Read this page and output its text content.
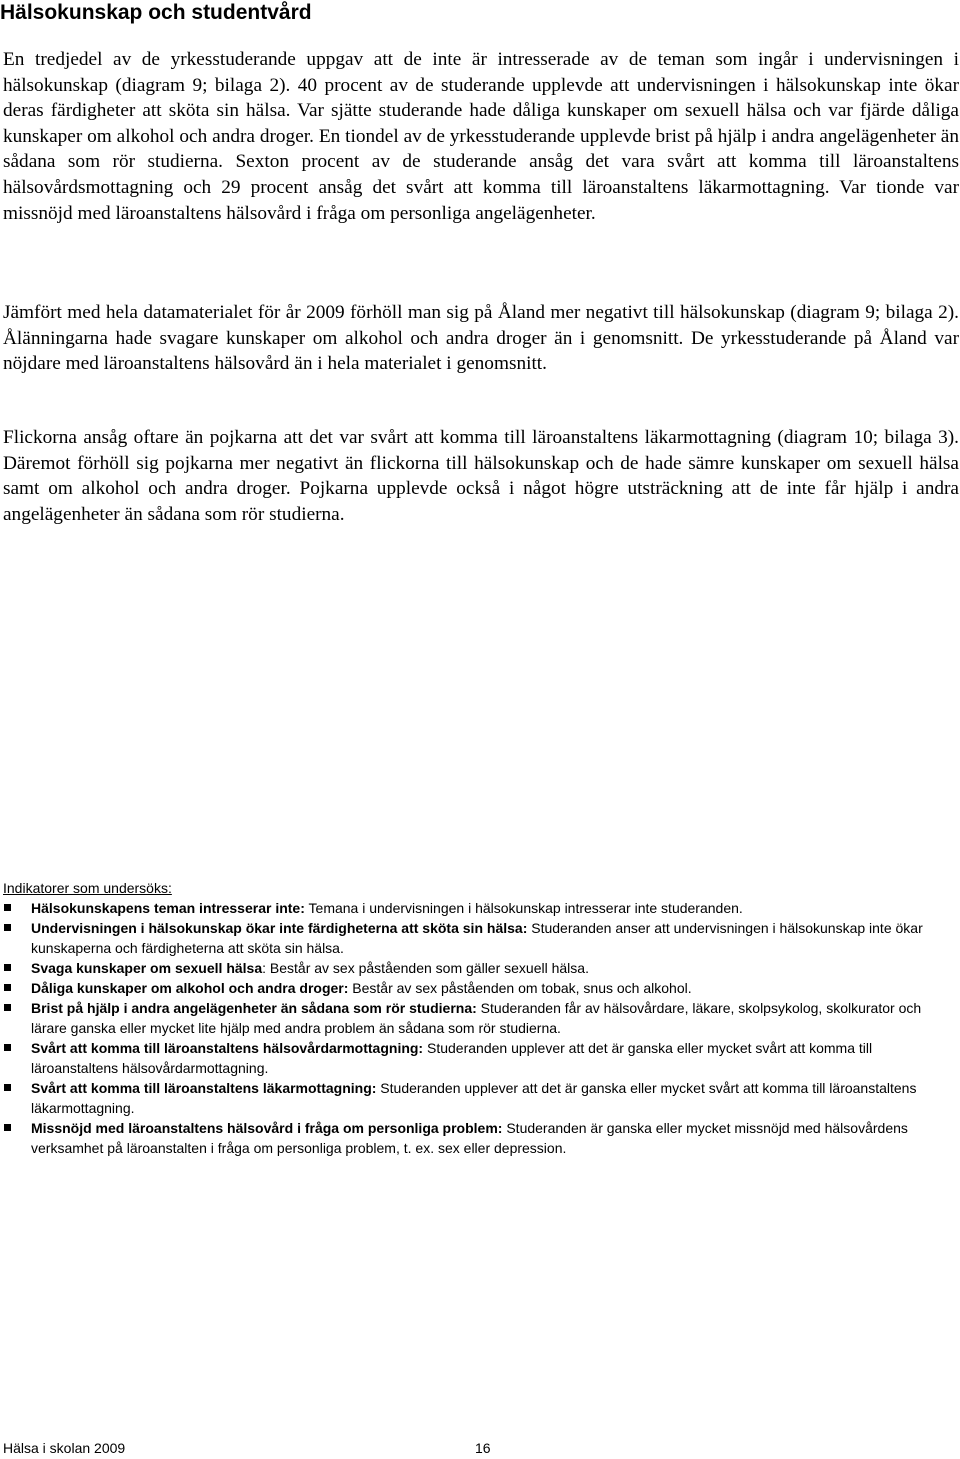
Hälsokunskap och studentvård

En tredjedel av de yrkesstuderande uppgav att de inte är intresserade av de teman som ingår i undervisningen i hälsokunskap (diagram 9; bilaga 2). 40 procent av de studerande upplevde att undervisningen i hälsokunskap inte ökar deras färdigheter att sköta sin hälsa. Var sjätte studerande hade dåliga kunskaper om sexuell hälsa och var fjärde dåliga kunskaper om alkohol och andra droger. En tiondel av de yrkesstuderande upplevde brist på hjälp i andra angelägenheter än sådana som rör studierna. Sexton procent av de studerande ansåg det vara svårt att komma till läroanstaltens hälsovårdsmottagning och 29 procent ansåg det svårt att komma till läroanstaltens läkarmottagning. Var tionde var missnöjd med läroanstaltens hälsovård i fråga om personliga angelägenheter.

Jämfört med hela datamaterialet för år 2009 förhöll man sig på Åland mer negativt till hälsokunskap (diagram 9; bilaga 2). Ålänningarna hade svagare kunskaper om alkohol och andra droger än i genomsnitt. De yrkesstuderande på Åland var nöjdare med läroanstaltens hälsovård än i hela materialet i genomsnitt.

Flickorna ansåg oftare än pojkarna att det var svårt att komma till läroanstaltens läkarmottagning (diagram 10; bilaga 3). Däremot förhöll sig pojkarna mer negativt än flickorna till hälsokunskap och de hade sämre kunskaper om sexuell hälsa samt om alkohol och andra droger. Pojkarna upplevde också i något högre utsträckning att de inte får hjälp i andra angelägenheter än sådana som rör studierna.

Indikatorer som undersöks:

Hälsokunskapens teman intresserar inte: Temana i undervisningen i hälsokunskap intresserar inte studeranden.
Undervisningen i hälsokunskap ökar inte färdigheterna att sköta sin hälsa: Studeranden anser att undervisningen i hälsokunskap inte ökar kunskaperna och färdigheterna att sköta sin hälsa.
Svaga kunskaper om sexuell hälsa: Består av sex påståenden som gäller sexuell hälsa.
Dåliga kunskaper om alkohol och andra droger: Består av sex påståenden om tobak, snus och alkohol.
Brist på hjälp i andra angelägenheter än sådana som rör studierna: Studeranden får av hälsovårdare, läkare, skolpsykolog, skolkurator och lärare ganska eller mycket lite hjälp med andra problem än sådana som rör studierna.
Svårt att komma till läroanstaltens hälsovårdarmottagning: Studeranden upplever att det är ganska eller mycket svårt att komma till läroanstaltens hälsovårdarmottagning.
Svårt att komma till läroanstaltens läkarmottagning: Studeranden upplever att det är ganska eller mycket svårt att komma till läroanstaltens läkarmottagning.
Missnöjd med läroanstaltens hälsovård i fråga om personliga problem: Studeranden är ganska eller mycket missnöjd med hälsovårdens verksamhet på läroanstalten i fråga om personliga problem, t. ex. sex eller depression.
Hälsa i skolan 2009	16
